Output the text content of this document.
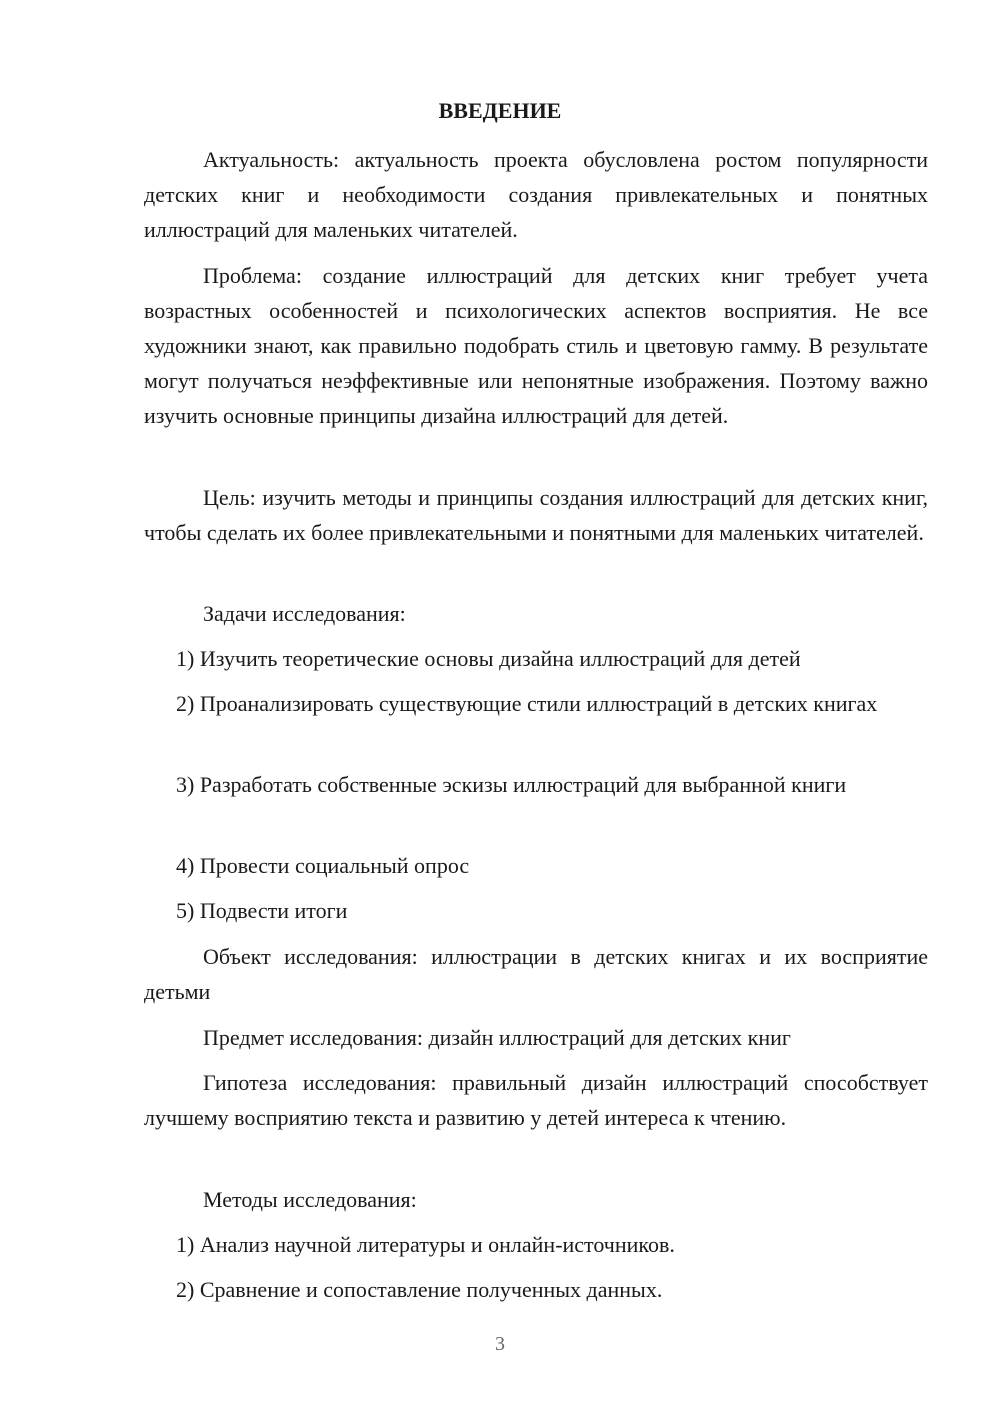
ВВЕДЕНИЕ

Актуальность: актуальность проекта обусловлена ростом популярности детских книг и необходимости создания привлекательных и понятных иллюстраций для маленьких читателей.

Проблема: создание иллюстраций для детских книг требует учета возрастных особенностей и психологических аспектов восприятия. Не все художники знают, как правильно подобрать стиль и цветовую гамму. В результате могут получаться неэффективные или непонятные изображения. Поэтому важно изучить основные принципы дизайна иллюстраций для детей.

Цель: изучить методы и принципы создания иллюстраций для детских книг, чтобы сделать их более привлекательными и понятными для маленьких читателей.

Задачи исследования:

1) Изучить теоретические основы дизайна иллюстраций для детей

2) Проанализировать существующие стили иллюстраций в детских книгах

3) Разработать собственные эскизы иллюстраций для выбранной книги

4) Провести социальный опрос

5) Подвести итоги

Объект исследования: иллюстрации в детских книгах и их восприятие детьми

Предмет исследования: дизайн иллюстраций для детских книг

Гипотеза исследования: правильный дизайн иллюстраций способствует лучшему восприятию текста и развитию у детей интереса к чтению.

Методы исследования:

1) Анализ научной литературы и онлайн-источников.

2) Сравнение и сопоставление полученных данных.

3
